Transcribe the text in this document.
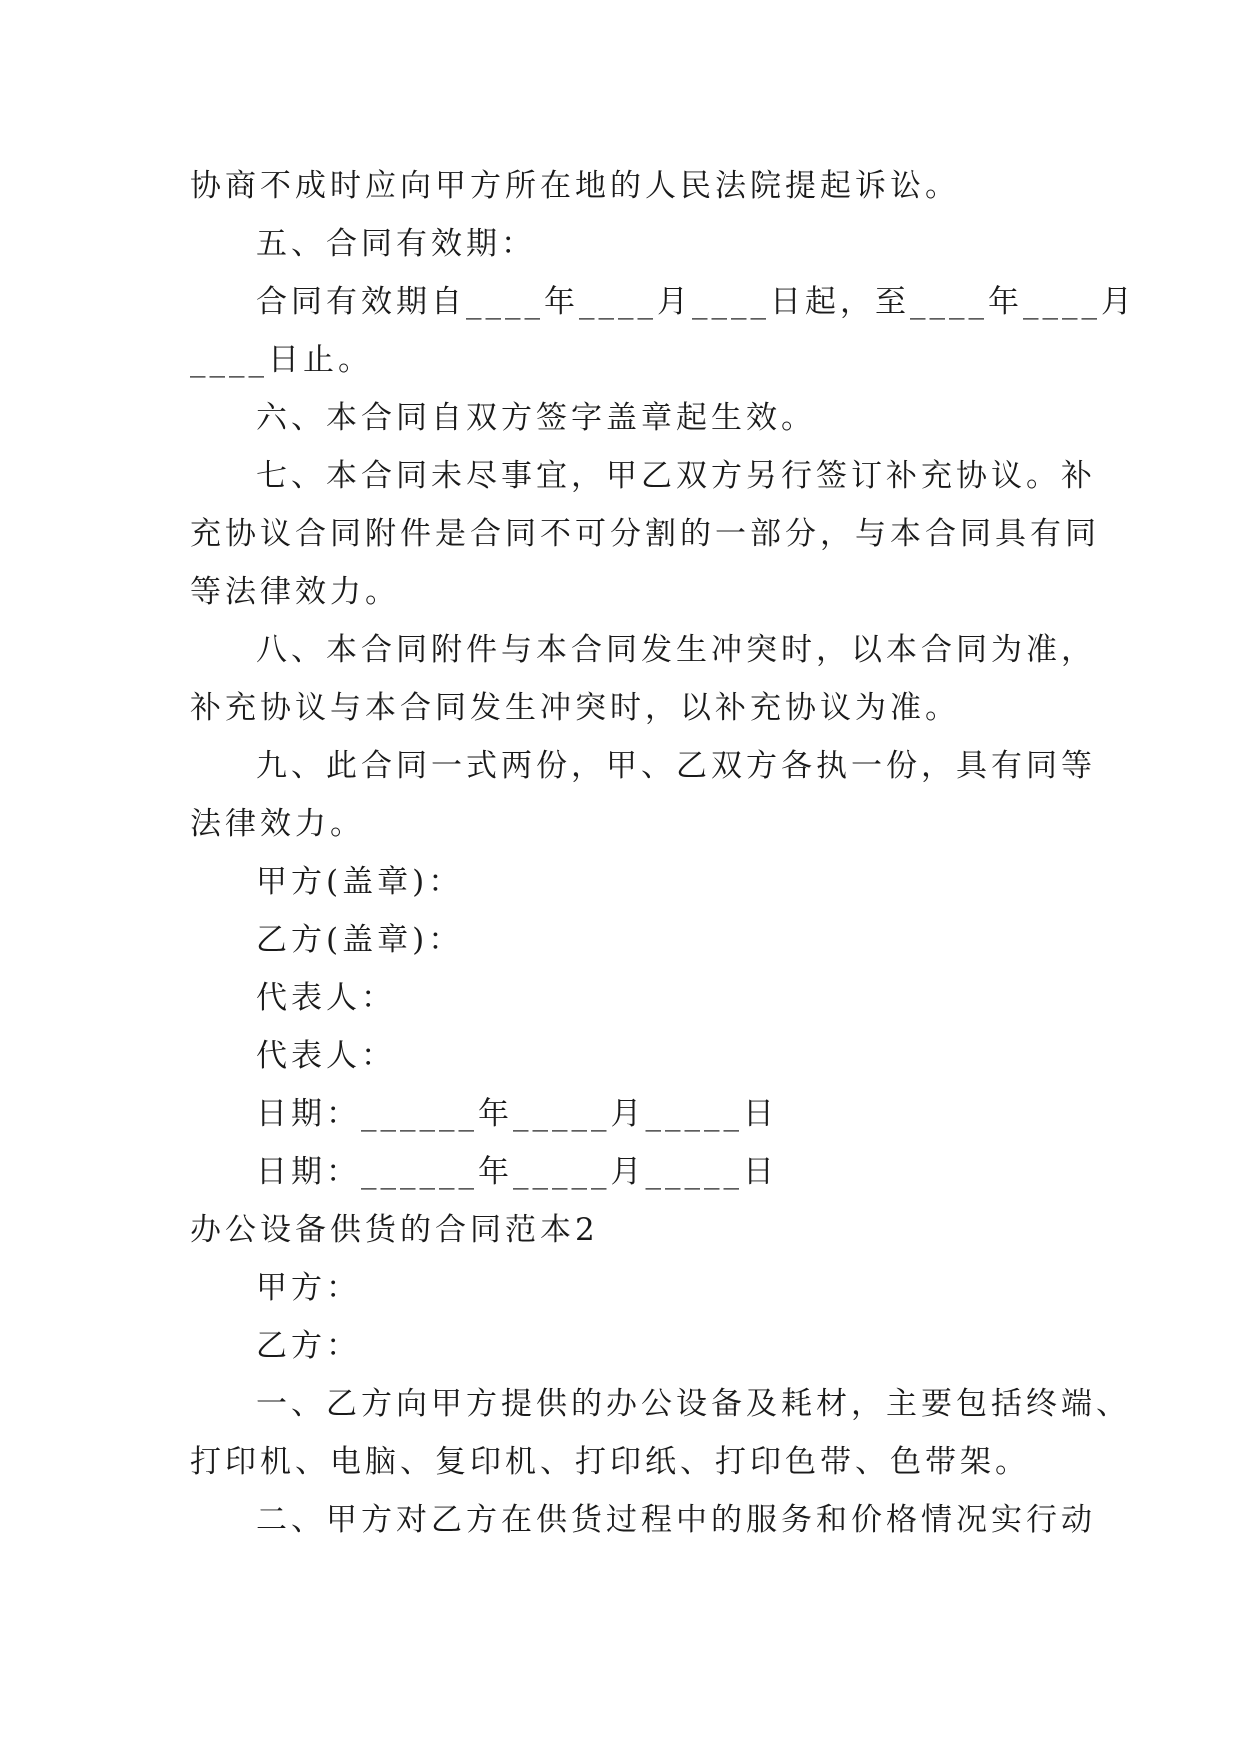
协商不成时应向甲方所在地的人民法院提起诉讼。
五、合同有效期：
合同有效期自____年____月____日起，至____年____月
____日止。
六、本合同自双方签字盖章起生效。
七、本合同未尽事宜，甲乙双方另行签订补充协议。补
充协议合同附件是合同不可分割的一部分，与本合同具有同
等法律效力。
八、本合同附件与本合同发生冲突时，以本合同为准，
补充协议与本合同发生冲突时，以补充协议为准。
九、此合同一式两份，甲、乙双方各执一份，具有同等
法律效力。
甲方(盖章)：
乙方(盖章)：
代表人：
代表人：
日期：______年_____月_____日
日期：______年_____月_____日
办公设备供货的合同范本2
甲方：
乙方：
一、乙方向甲方提供的办公设备及耗材，主要包括终端、
打印机、电脑、复印机、打印纸、打印色带、色带架。
二、甲方对乙方在供货过程中的服务和价格情况实行动
